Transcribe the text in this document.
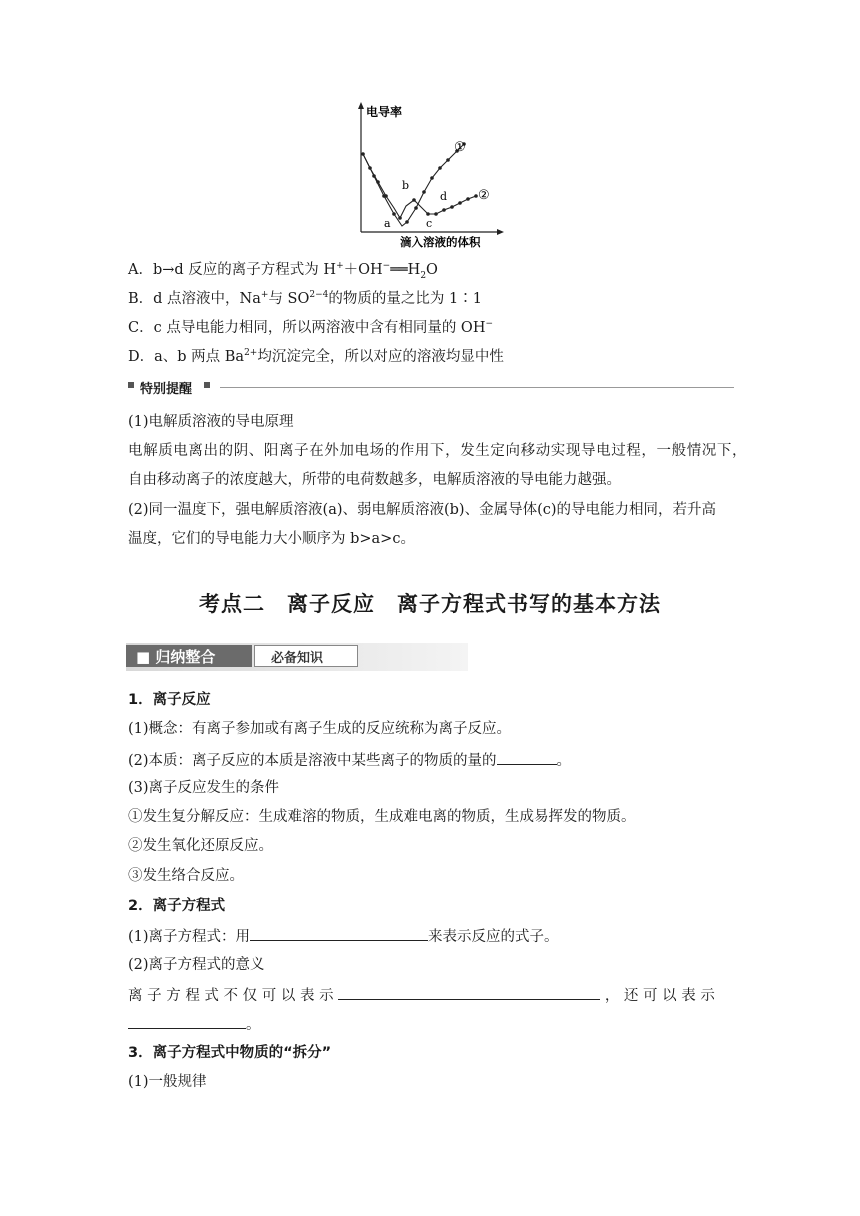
电导率
滴入溶液的体积
①
②
a
b
c
d
A．b→d 反应的离子方程式为 $H^++OH^-══H_2O$
B．d 点溶液中，Na+与 $SO^{2-4}$的物质的量之比为 1∶1
C．c 点导电能力相同，所以两溶液中含有相同量的 OH−
D．a、b 两点 $Ba^{2+}$均沉淀完全，所以对应的溶液均显中性
特别提醒
(1)电解质溶液的导电原理
电解质电离出的阴、阳离子在外加电场的作用下，发生定向移动实现导电过程，一般情况下，
自由移动离子的浓度越大，所带的电荷数越多，电解质溶液的导电能力越强。
(2)同一温度下，强电解质溶液(a)、弱电解质溶液(b)、金属导体(c)的导电能力相同，若升高
温度，它们的导电能力大小顺序为 b>a>c。
考点二　离子反应　离子方程式书写的基本方法
■ 归纳整合	必备知识
1．离子反应
(1)概念：有离子参加或有离子生成的反应统称为离子反应。
(2)本质：离子反应的本质是溶液中某些离子的物质的量的	。
(3)离子反应发生的条件
①发生复分解反应：生成难溶的物质，生成难电离的物质，生成易挥发的物质。
②发生氧化还原反应。
③发生络合反应。
2．离子方程式
(1)离子方程式：用	来表示反应的式子。
(2)离子方程式的意义
离 子 方 程 式 不 仅 可 以 表 示	， 还 可 以 表 示
。
3．离子方程式中物质的“拆分”
(1)一般规律
